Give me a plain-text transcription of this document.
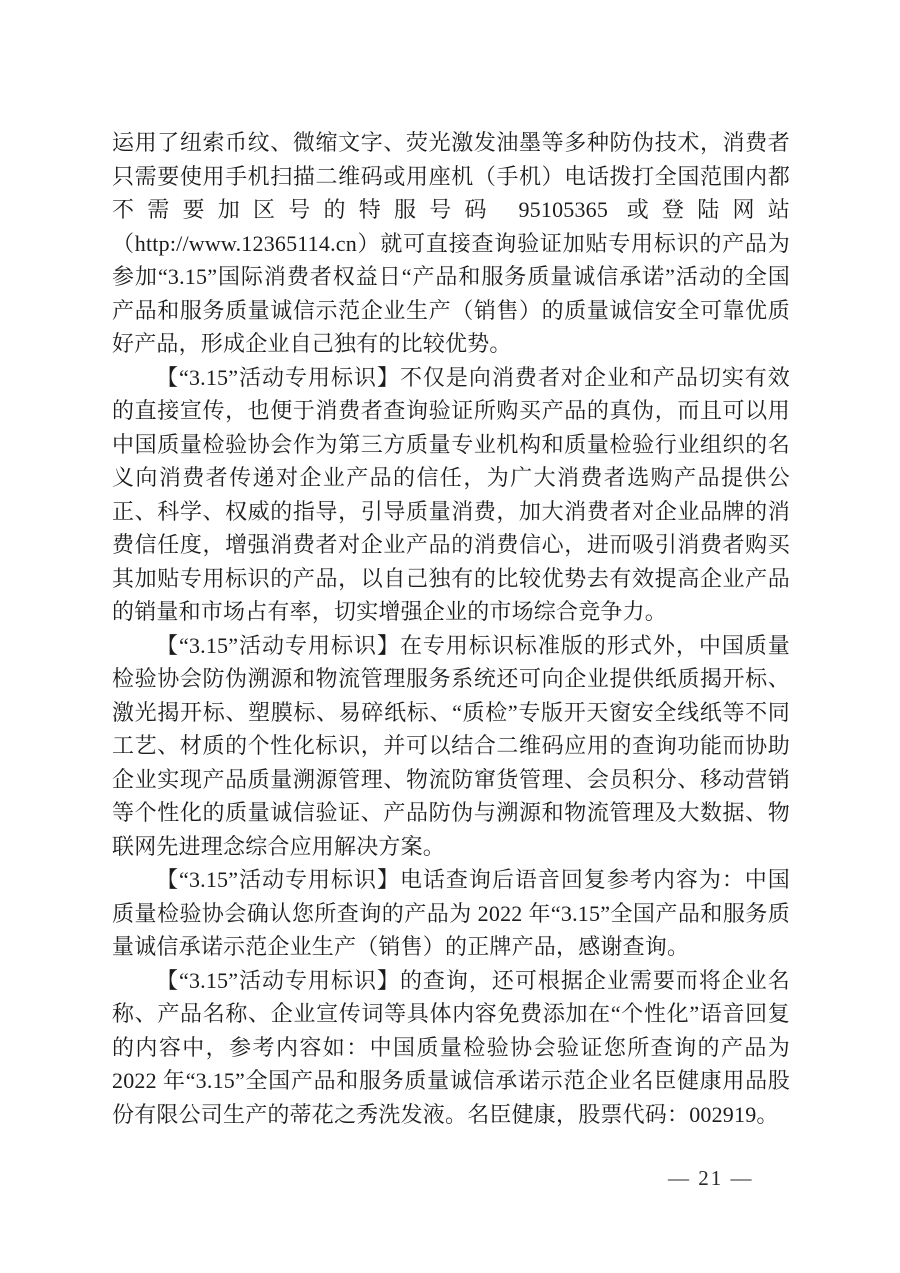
运用了纽索币纹、微缩文字、荧光激发油墨等多种防伪技术，消费者只需要使用手机扫描二维码或用座机（手机）电话拨打全国范围内都不需要加区号的特服号码 95105365 或登陆网站（http://www.12365114.cn）就可直接查询验证加贴专用标识的产品为参加“3.15”国际消费者权益日“产品和服务质量诚信承诺”活动的全国产品和服务质量诚信示范企业生产（销售）的质量诚信安全可靠优质好产品，形成企业自己独有的比较优势。

【“3.15”活动专用标识】不仅是向消费者对企业和产品切实有效的直接宣传，也便于消费者查询验证所购买产品的真伪，而且可以用中国质量检验协会作为第三方质量专业机构和质量检验行业组织的名义向消费者传递对企业产品的信任，为广大消费者选购产品提供公正、科学、权威的指导，引导质量消费，加大消费者对企业品牌的消费信任度，增强消费者对企业产品的消费信心，进而吸引消费者购买其加贴专用标识的产品，以自己独有的比较优势去有效提高企业产品的销量和市场占有率，切实增强企业的市场综合竞争力。

【“3.15”活动专用标识】在专用标识标准版的形式外，中国质量检验协会防伪溯源和物流管理服务系统还可向企业提供纸质揭开标、激光揭开标、塑膜标、易碎纸标、“质检”专版开天窗安全线纸等不同工艺、材质的个性化标识，并可以结合二维码应用的查询功能而协助企业实现产品质量溯源管理、物流防窜货管理、会员积分、移动营销等个性化的质量诚信验证、产品防伪与溯源和物流管理及大数据、物联网先进理念综合应用解决方案。

【“3.15”活动专用标识】电话查询后语音回复参考内容为：中国质量检验协会确认您所查询的产品为 2022 年“3.15”全国产品和服务质量诚信承诺示范企业生产（销售）的正牌产品，感谢查询。

【“3.15”活动专用标识】的查询，还可根据企业需要而将企业名称、产品名称、企业宣传词等具体内容免费添加在“个性化”语音回复的内容中，参考内容如：中国质量检验协会验证您所查询的产品为 2022 年“3.15”全国产品和服务质量诚信承诺示范企业名臣健康用品股份有限公司生产的蒂花之秀洗发液。名臣健康，股票代码：002919。

— 21 —
